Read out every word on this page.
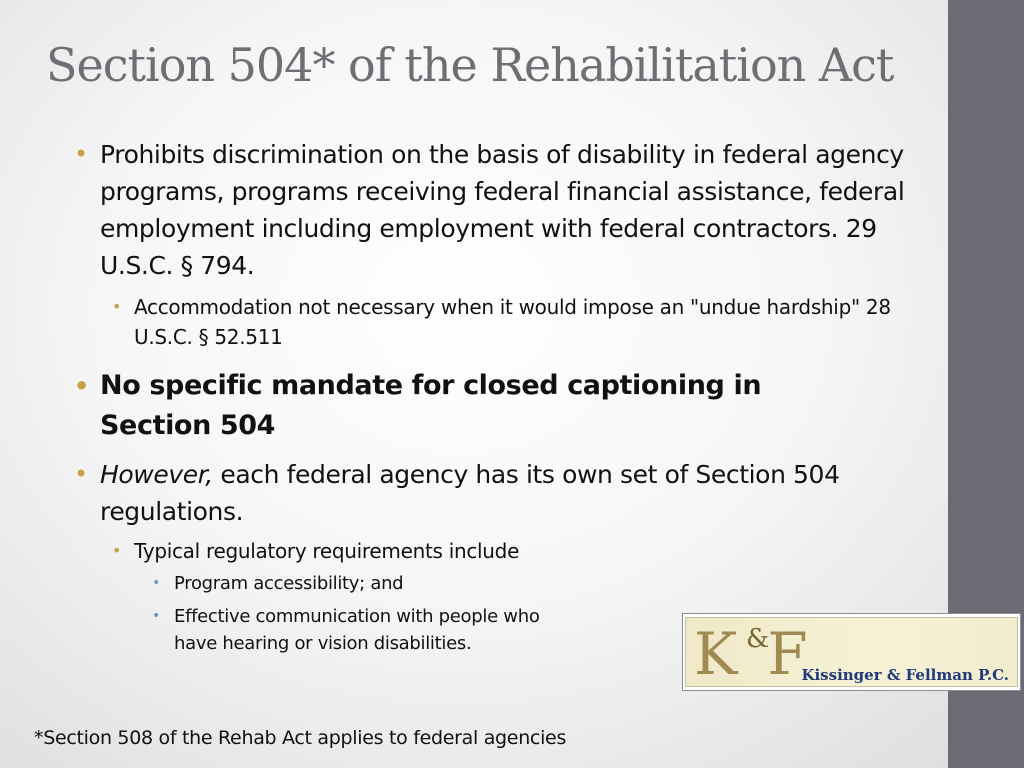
Section 504* of the Rehabilitation Act
• Prohibits discrimination on the basis of disability in federal agency programs, programs receiving federal financial assistance, federal employment including employment with federal contractors. 29 U.S.C. § 794.
• Accommodation not necessary when it would impose an "undue hardship" 28 U.S.C. § 52.511
• No specific mandate for closed captioning in Section 504
• However, each federal agency has its own set of Section 504 regulations.
• Typical regulatory requirements include
• Program accessibility; and
• Effective communication with people who have hearing or vision disabilities.	K F
&
Kissinger & Fellman P.C.
*Section 508 of the Rehab Act applies to federal agencies
